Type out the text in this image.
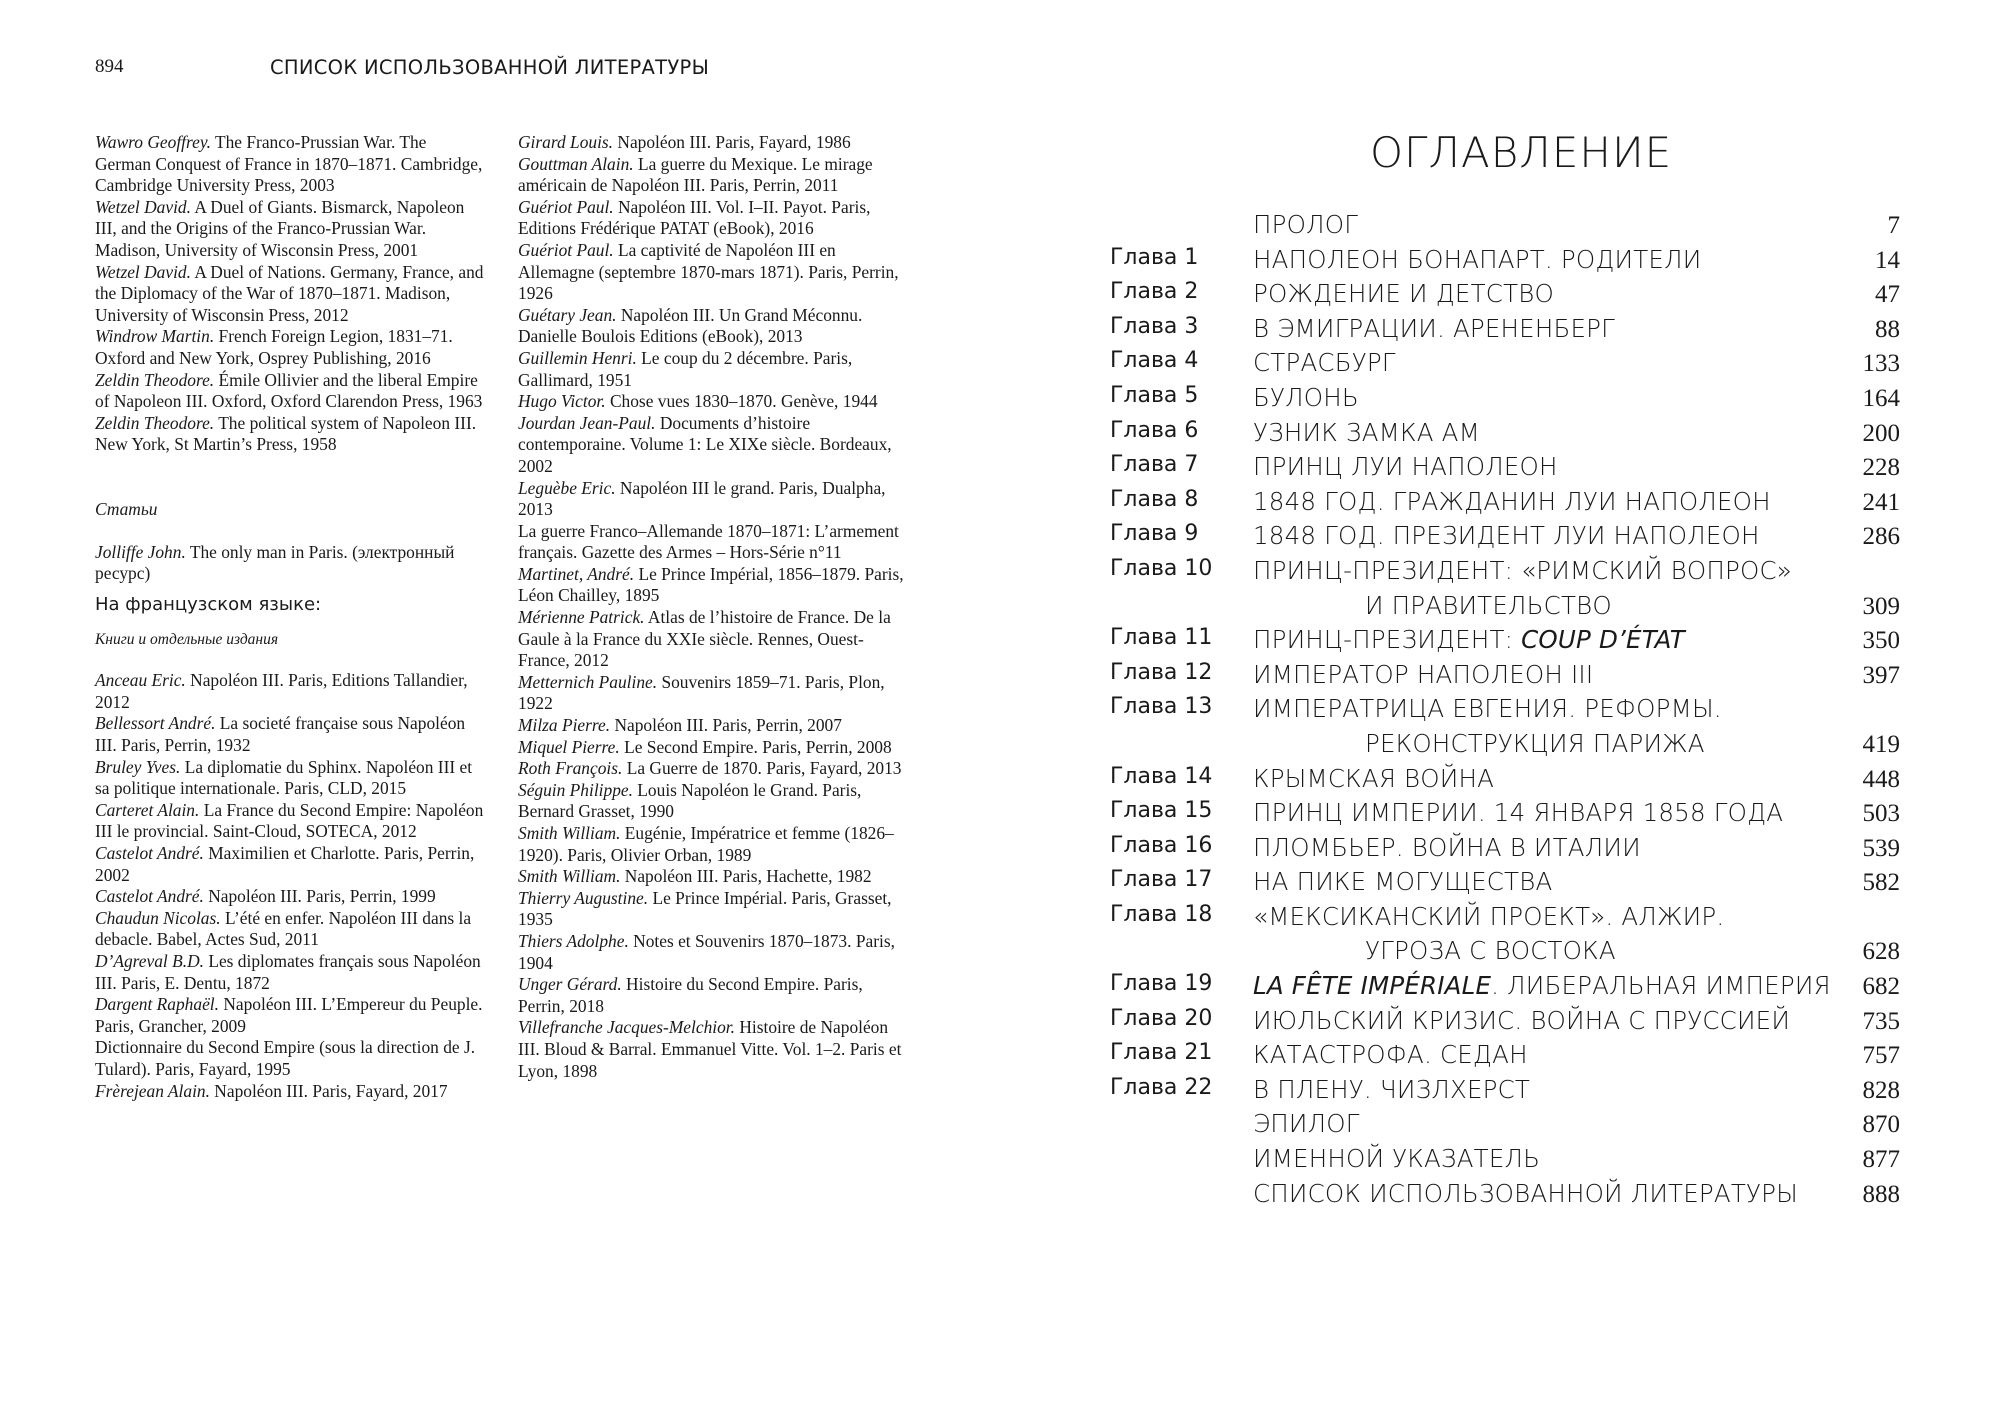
894	СПИСОК ИСПОЛЬЗОВАННОЙ ЛИТЕРАТУРЫ

Wawro Geoffrey. The Franco-Prussian War. The German Conquest of France in 1870–1871. Cambridge, Cambridge University Press, 2003

Wetzel David. A Duel of Giants. Bismarck, Napoleon III, and the Origins of the Franco-Prussian War. Madison, University of Wisconsin Press, 2001

Wetzel David. A Duel of Nations. Germany, France, and the Diplomacy of the War of 1870–1871. Madison, University of Wisconsin Press, 2012

Windrow Martin. French Foreign Legion, 1831–71. Oxford and New York, Osprey Publishing, 2016

Zeldin Theodore. Émile Ollivier and the liberal Empire of Napoleon III. Oxford, Oxford Clarendon Press, 1963

Zeldin Theodore. The political system of Napoleon III. New York, St Martin’s Press, 1958

Статьи

Jolliffe John. The only man in Paris. (электронный ресурс)

На французском языке:

Книги и отдельные издания

Anceau Eric. Napoléon III. Paris, Editions Tallandier, 2012

Bellessort André. La societé française sous Napoléon III. Paris, Perrin, 1932

Bruley Yves. La diplomatie du Sphinx. Napoléon III et sa politique internationale. Paris, CLD, 2015

Carteret Alain. La France du Second Empire: Napoléon III le provincial. Saint-Cloud, SOTECA, 2012

Castelot André. Maximilien et Charlotte. Paris, Perrin, 2002

Castelot André. Napoléon III. Paris, Perrin, 1999

Chaudun Nicolas. L’été en enfer. Napoléon III dans la debacle. Babel, Actes Sud, 2011

D’Agreval B.D. Les diplomates français sous Napoléon III. Paris, E. Dentu, 1872

Dargent Raphaël. Napoléon III. L’Empereur du Peuple. Paris, Grancher, 2009

Dictionnaire du Second Empire (sous la direction de J. Tulard). Paris, Fayard, 1995

Frèrejean Alain. Napoléon III. Paris, Fayard, 2017

Girard Louis. Napoléon III. Paris, Fayard, 1986

Gouttman Alain. La guerre du Mexique. Le mirage américain de Napoléon III. Paris, Perrin, 2011

Guériot Paul. Napoléon III. Vol. I–II. Payot. Paris, Editions Frédérique PATAT (eBook), 2016

Guériot Paul. La captivité de Napoléon III en Allemagne (septembre 1870-mars 1871). Paris, Perrin, 1926

Guétary Jean. Napoléon III. Un Grand Méconnu. Danielle Boulois Editions (eBook), 2013

Guillemin Henri. Le coup du 2 décembre. Paris, Gallimard, 1951

Hugo Victor. Chose vues 1830–1870. Genève, 1944

Jourdan Jean-Paul. Documents d’histoire contemporaine. Volume 1: Le XIXe siècle. Bordeaux, 2002

Leguèbe Eric. Napoléon III le grand. Paris, Dualpha, 2013

La guerre Franco–Allemande 1870–1871: L’armement français. Gazette des Armes – Hors-Série n°11

Martinet, André. Le Prince Impérial, 1856–1879. Paris, Léon Chailley, 1895

Mérienne Patrick. Atlas de l’histoire de France. De la Gaule à la France du XXIe siècle. Rennes, Ouest-France, 2012

Metternich Pauline. Souvenirs 1859–71. Paris, Plon, 1922

Milza Pierre. Napoléon III. Paris, Perrin, 2007

Miquel Pierre. Le Second Empire. Paris, Perrin, 2008

Roth François. La Guerre de 1870. Paris, Fayard, 2013

Séguin Philippe. Louis Napoléon le Grand. Paris, Bernard Grasset, 1990

Smith William. Eugénie, Impératrice et femme (1826–1920). Paris, Olivier Orban, 1989

Smith William. Napoléon III. Paris, Hachette, 1982

Thierry Augustine. Le Prince Impérial. Paris, Grasset, 1935

Thiers Adolphe. Notes et Souvenirs 1870–1873. Paris, 1904

Unger Gérard. Histoire du Second Empire. Paris, Perrin, 2018

Villefranche Jacques-Melchior. Histoire de Napoléon III. Bloud & Barral. Emmanuel Vitte. Vol. 1–2. Paris et Lyon, 1898

ОГЛАВЛЕНИЕ
ПРОЛОГ	7
Глава 1 НАПОЛЕОН БОНАПАРТ. РОДИТЕЛИ	14
Глава 2 РОЖДЕНИЕ И ДЕТСТВО	47
Глава 3 В ЭМИГРАЦИИ. АРЕНЕНБЕРГ	88
Глава 4 СТРАСБУРГ	133
Глава 5 БУЛОНЬ	164
Глава 6 УЗНИК ЗАМКА АМ	200
Глава 7 ПРИНЦ ЛУИ НАПОЛЕОН	228
Глава 8 1848 ГОД. ГРАЖДАНИН ЛУИ НАПОЛЕОН	241
Глава 9 1848 ГОД. ПРЕЗИДЕНТ ЛУИ НАПОЛЕОН	286
Глава 10 ПРИНЦ-ПРЕЗИДЕНТ: «РИМСКИЙ ВОПРОС»
И ПРАВИТЕЛЬСТВО	309
Глава 11 ПРИНЦ-ПРЕЗИДЕНТ: COUP D’ÉTAT	350
Глава 12 ИМПЕРАТОР НАПОЛЕОН III	397
Глава 13 ИМПЕРАТРИЦА ЕВГЕНИЯ. РЕФОРМЫ.
РЕКОНСТРУКЦИЯ ПАРИЖА	419
Глава 14 КРЫМСКАЯ ВОЙНА	448
Глава 15 ПРИНЦ ИМПЕРИИ. 14 ЯНВАРЯ 1858 ГОДА	503
Глава 16 ПЛОМБЬЕР. ВОЙНА В ИТАЛИИ	539
Глава 17 НА ПИКЕ МОГУЩЕСТВА	582
Глава 18 «МЕКСИКАНСКИЙ ПРОЕКТ». АЛЖИР.
УГРОЗА С ВОСТОКА	628
Глава 19 LA FÊTE IMPÉRIALE. ЛИБЕРАЛЬНАЯ ИМПЕРИЯ 682
Глава 20 ИЮЛЬСКИЙ КРИЗИС. ВОЙНА С ПРУССИЕЙ	735
Глава 21 КАТАСТРОФА. СЕДАН	757
Глава 22 В ПЛЕНУ. ЧИЗЛХЕРСТ	828
ЭПИЛОГ	870
ИМЕННОЙ УКАЗАТЕЛЬ	877
СПИСОК ИСПОЛЬЗОВАННОЙ ЛИТЕРАТУРЫ	888
